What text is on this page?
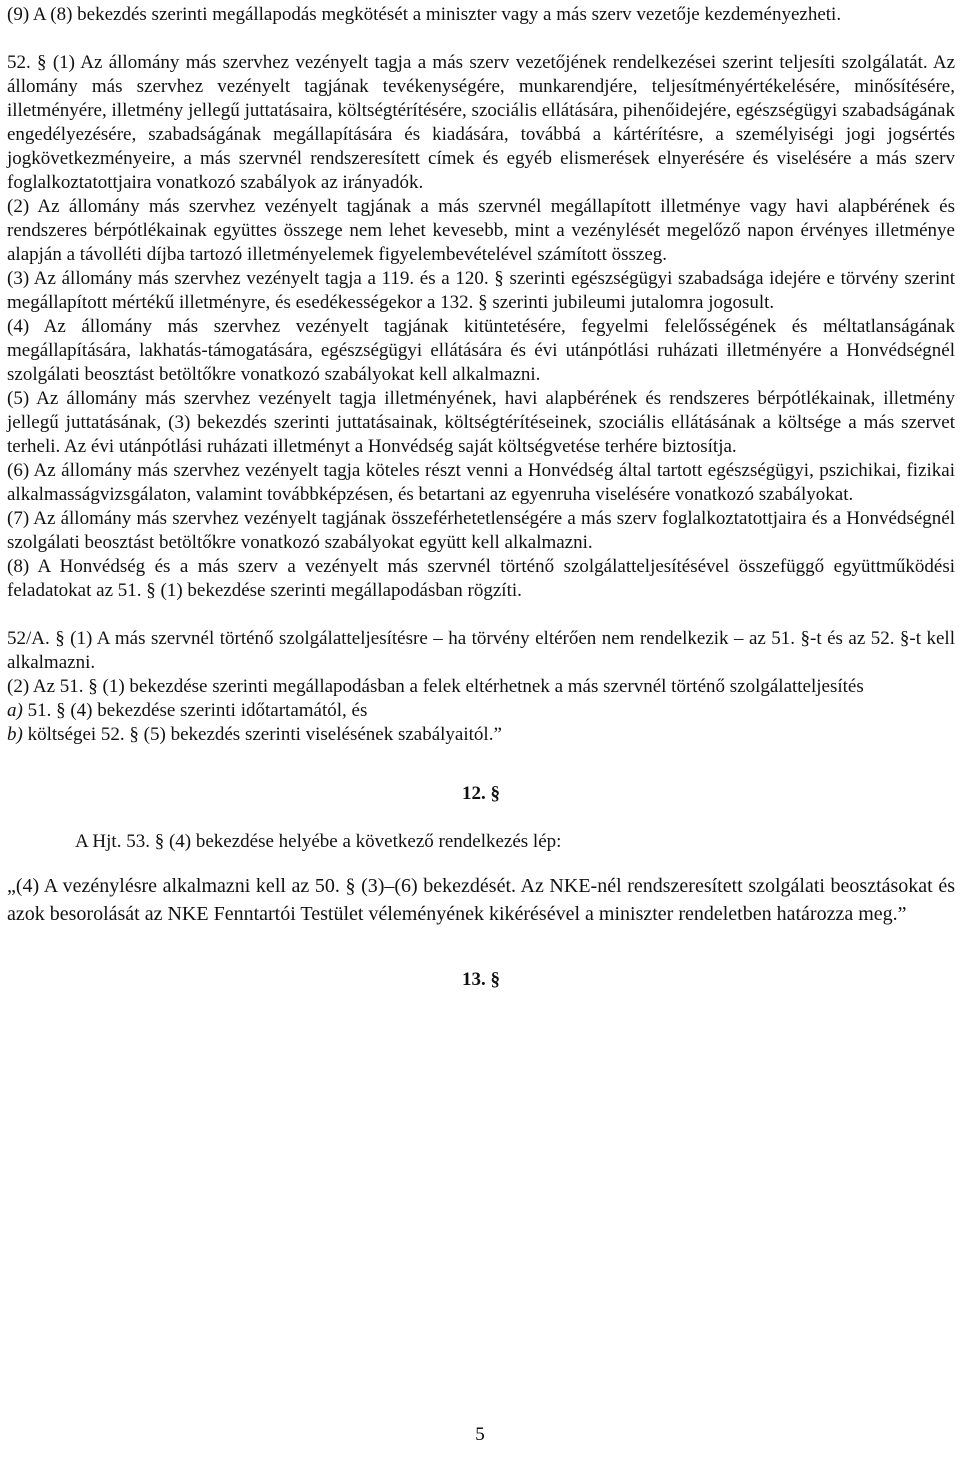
(9) A (8) bekezdés szerinti megállapodás megkötését a miniszter vagy a más szerv vezetője kezdeményezheti.

52. § (1) Az állomány más szervhez vezényelt tagja a más szerv vezetőjének rendelkezései szerint teljesíti szolgálatát. Az állomány más szervhez vezényelt tagjának tevékenységére, munkarendjére, teljesítményértékelésére, minősítésére, illetményére, illetmény jellegű juttatásaira, költségtérítésére, szociális ellátására, pihenőidejére, egészségügyi szabadságának engedélyezésére, szabadságának megállapítására és kiadására, továbbá a kártérítésre, a személyiségi jogi jogsértés jogkövetkezményeire, a más szervnél rendszeresített címek és egyéb elismerések elnyerésére és viselésére a más szerv foglalkoztatottjaira vonatkozó szabályok az irányadók.

(2) Az állomány más szervhez vezényelt tagjának a más szervnél megállapított illetménye vagy havi alapbérének és rendszeres bérpótlékainak együttes összege nem lehet kevesebb, mint a vezénylését megelőző napon érvényes illetménye alapján a távolléti díjba tartozó illetményelemek figyelembevételével számított összeg.

(3) Az állomány más szervhez vezényelt tagja a 119. és a 120. § szerinti egészségügyi szabadsága idejére e törvény szerint megállapított mértékű illetményre, és esedékességekor a 132. § szerinti jubileumi jutalomra jogosult.

(4) Az állomány más szervhez vezényelt tagjának kitüntetésére, fegyelmi felelősségének és méltatlanságának megállapítására, lakhatás-támogatására, egészségügyi ellátására és évi utánpótlási ruházati illetményére a Honvédségnél szolgálati beosztást betöltőkre vonatkozó szabályokat kell alkalmazni.

(5) Az állomány más szervhez vezényelt tagja illetményének, havi alapbérének és rendszeres bérpótlékainak, illetmény jellegű juttatásának, (3) bekezdés szerinti juttatásainak, költségtérítéseinek, szociális ellátásának a költsége a más szervet terheli. Az évi utánpótlási ruházati illetményt a Honvédség saját költségvetése terhére biztosítja.

(6) Az állomány más szervhez vezényelt tagja köteles részt venni a Honvédség által tartott egészségügyi, pszichikai, fizikai alkalmasságvizsgálaton, valamint továbbképzésen, és betartani az egyenruha viselésére vonatkozó szabályokat.

(7) Az állomány más szervhez vezényelt tagjának összeférhetetlenségére a más szerv foglalkoztatottjaira és a Honvédségnél szolgálati beosztást betöltőkre vonatkozó szabályokat együtt kell alkalmazni.

(8) A Honvédség és a más szerv a vezényelt más szervnél történő szolgálatteljesítésével összefüggő együttműködési feladatokat az 51. § (1) bekezdése szerinti megállapodásban rögzíti.

52/A. § (1) A más szervnél történő szolgálatteljesítésre – ha törvény eltérően nem rendelkezik – az 51. §-t és az 52. §-t kell alkalmazni.

(2) Az 51. § (1) bekezdése szerinti megállapodásban a felek eltérhetnek a más szervnél történő szolgálatteljesítés

a) 51. § (4) bekezdése szerinti időtartamától, és

b) költségei 52. § (5) bekezdés szerinti viselésének szabályaitól.”

12. §

A Hjt. 53. § (4) bekezdése helyébe a következő rendelkezés lép:

„(4) A vezénylésre alkalmazni kell az 50. § (3)–(6) bekezdését. Az NKE-nél rendszeresített szolgálati beosztásokat és azok besorolását az NKE Fenntartói Testület véleményének kikérésével a miniszter rendeletben határozza meg.”

13. §

5
